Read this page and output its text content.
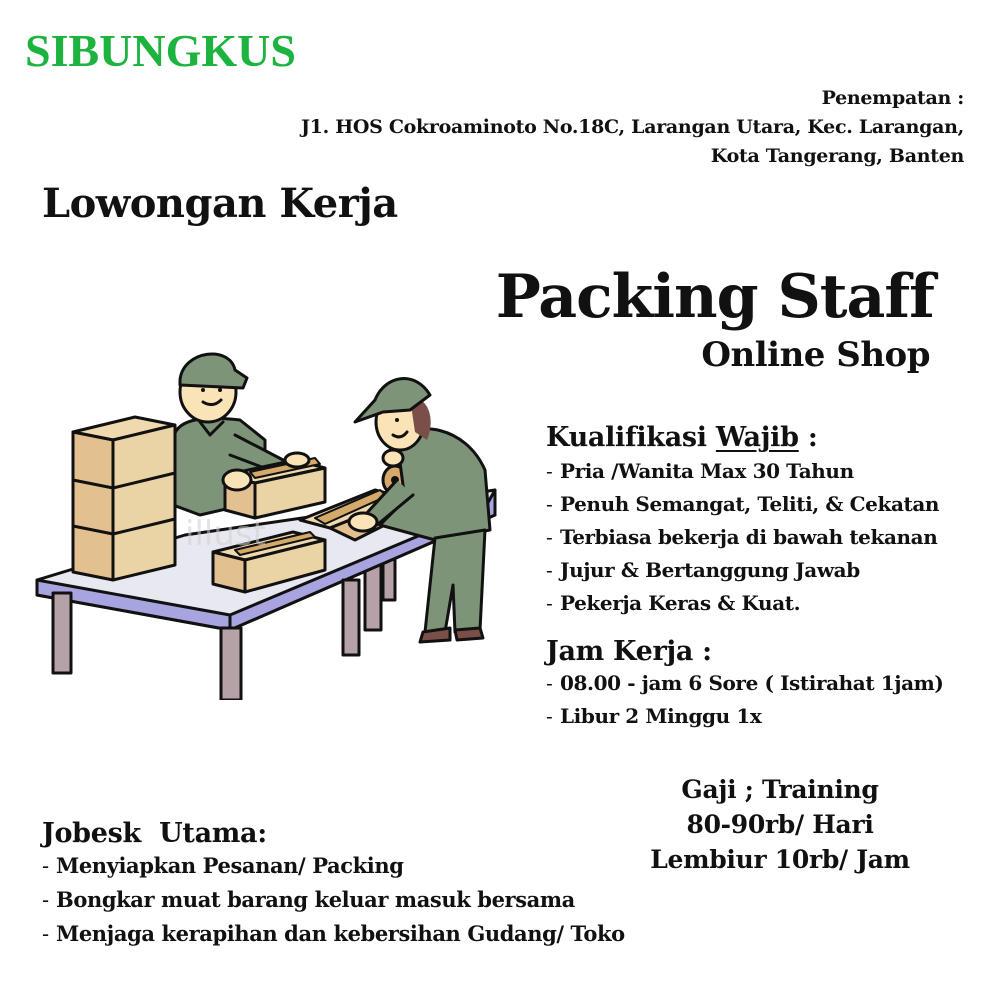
SIBUNGKUS
Penempatan :
J1. HOS Cokroaminoto No.18C, Larangan Utara, Kec. Larangan,
Kota Tangerang, Banten
Lowongan Kerja
Packing Staff
Online Shop
illust
Kualifikasi Wajib :
- Pria /Wanita Max 30 Tahun
- Penuh Semangat, Teliti, & Cekatan
- Terbiasa bekerja di bawah tekanan
- Jujur & Bertanggung Jawab
- Pekerja Keras & Kuat.
Jam Kerja :
- 08.00 - jam 6 Sore ( Istirahat 1jam)
- Libur 2 Minggu 1x
Gaji ; Training
80-90rb/ Hari
Lembiur 10rb/ Jam
Jobesk  Utama:
- Menyiapkan Pesanan/ Packing
- Bongkar muat barang keluar masuk bersama
- Menjaga kerapihan dan kebersihan Gudang/ Toko
